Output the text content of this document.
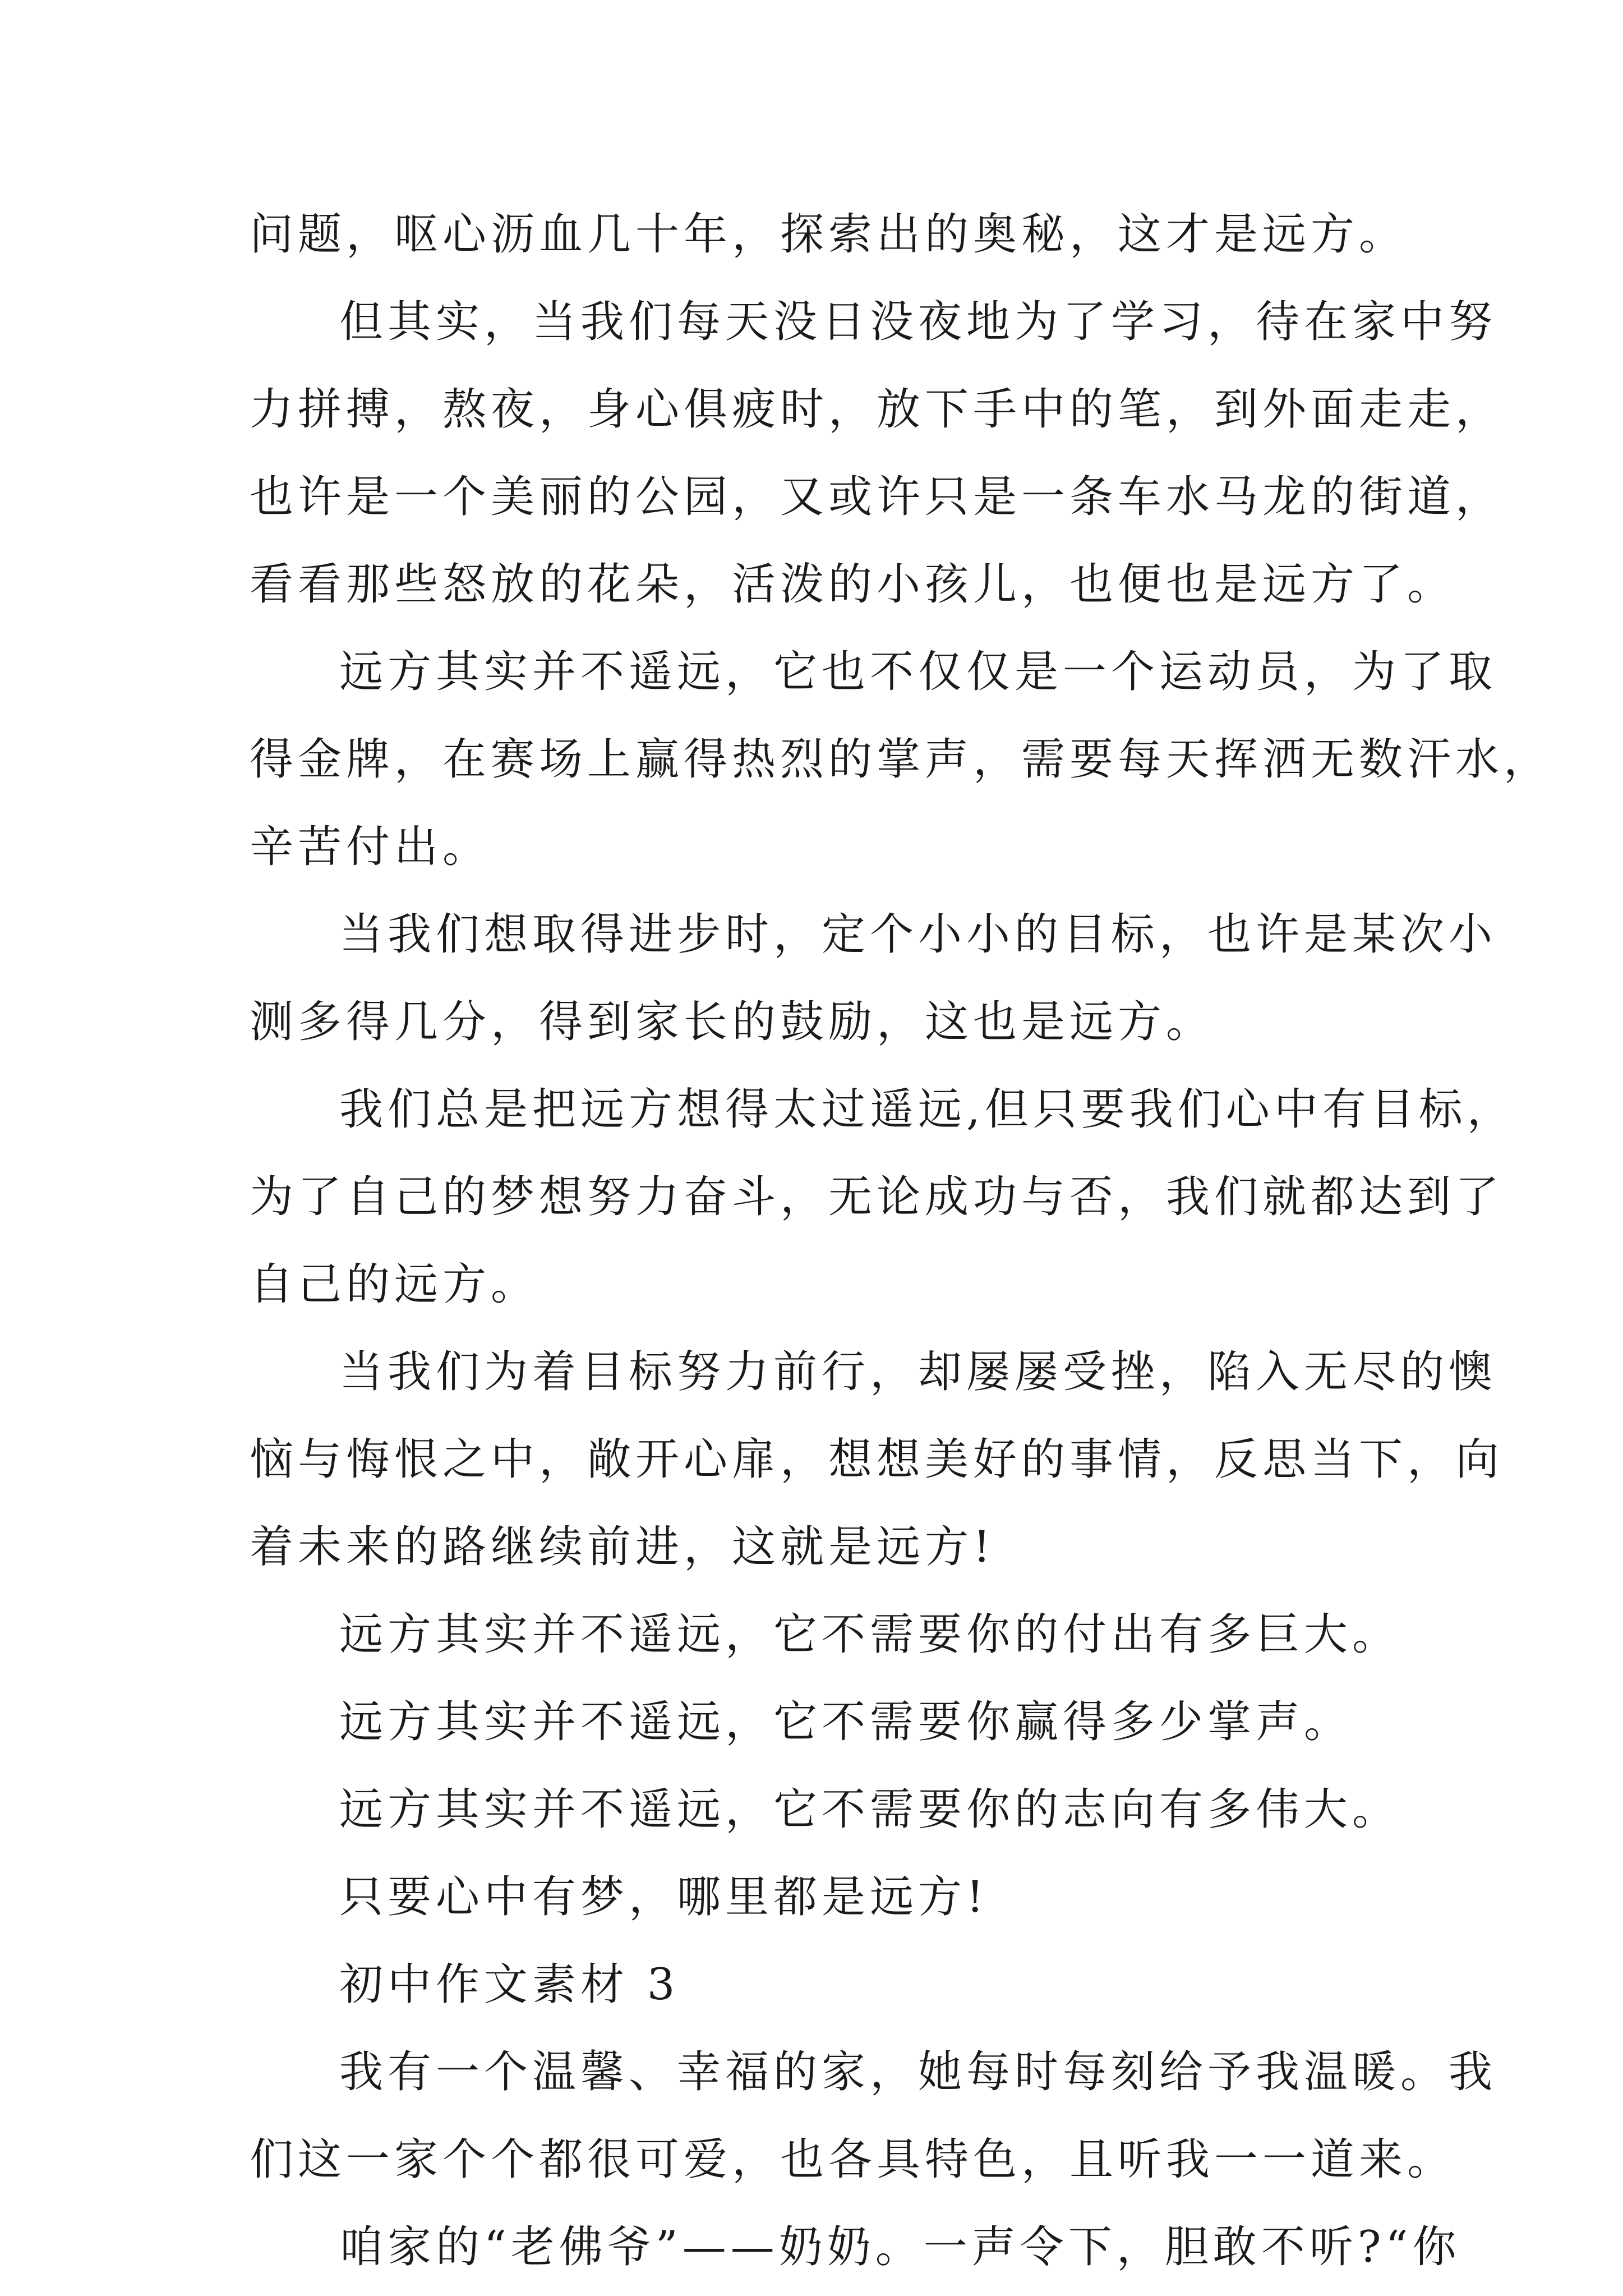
问题，呕心沥血几十年，探索出的奥秘，这才是远方。
但其实，当我们每天没日没夜地为了学习，待在家中努
力拼搏，熬夜，身心俱疲时，放下手中的笔，到外面走走，
也许是一个美丽的公园，又或许只是一条车水马龙的街道，
看看那些怒放的花朵，活泼的小孩儿，也便也是远方了。
远方其实并不遥远，它也不仅仅是一个运动员，为了取
得金牌，在赛场上赢得热烈的掌声，需要每天挥洒无数汗水，
辛苦付出。
当我们想取得进步时，定个小小的目标，也许是某次小
测多得几分，得到家长的鼓励，这也是远方。
我们总是把远方想得太过遥远,但只要我们心中有目标，
为了自己的梦想努力奋斗，无论成功与否，我们就都达到了
自己的远方。
当我们为着目标努力前行，却屡屡受挫，陷入无尽的懊
恼与悔恨之中，敞开心扉，想想美好的事情，反思当下，向
着未来的路继续前进，这就是远方!
远方其实并不遥远，它不需要你的付出有多巨大。
远方其实并不遥远，它不需要你赢得多少掌声。
远方其实并不遥远，它不需要你的志向有多伟大。
只要心中有梦，哪里都是远方!
初中作文素材 3
我有一个温馨、幸福的家，她每时每刻给予我温暖。我
们这一家个个都很可爱，也各具特色，且听我一一道来。
咱家的“老佛爷”——奶奶。一声令下，胆敢不听?“你
